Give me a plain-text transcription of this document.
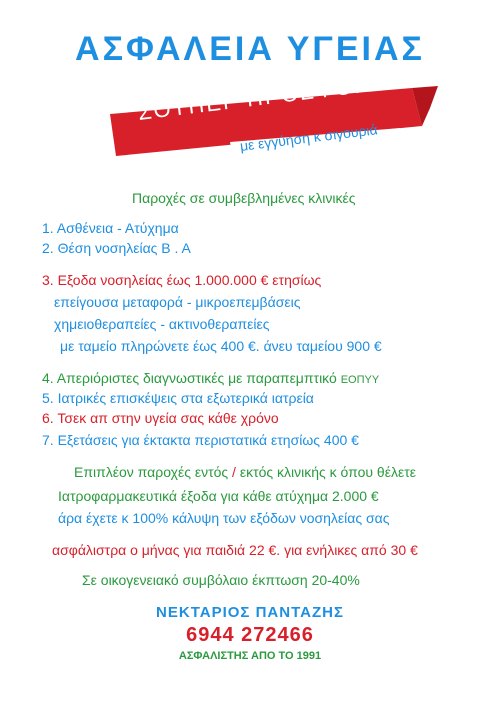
ΑΣΦΑΛΕΙΑ ΥΓΕΙΑΣ
ΣΟΥΠΕΡ ΠΡΟΣΦΟΡΑ
με εγγύηση κ σιγουριά
Παροχές σε συμβεβλημένες κλινικές
1. Ασθένεια - Ατύχημα
2. Θέση νοσηλείας Β . Α
3. Εξοδα νοσηλείας έως 1.000.000 € ετησίως
επείγουσα μεταφορά - μικροεπεμβάσεις
χημειοθεραπείες - ακτινοθεραπείες
με ταμείο πληρώνετε έως 400 €. άνευ ταμείου 900 €
4. Απεριόριστες διαγνωστικές με παραπεμπτικό ΕΟΠΥΥ
5. Ιατρικές επισκέψεις στα εξωτερικά ιατρεία
6. Τσεκ απ στην υγεία σας κάθε χρόνο
7. Εξετάσεις για έκτακτα περιστατικά ετησίως 400 €
Επιπλέον παροχές εντός / εκτός κλινικής κ όπου θέλετε
Ιατροφαρμακευτικά έξοδα για κάθε ατύχημα 2.000 €
άρα έχετε κ 100% κάλυψη των εξόδων νοσηλείας σας
ασφάλιστρα ο μήνας για παιδιά 22 €. για ενήλικες από 30 €
Σε οικογενειακό συμβόλαιο έκπτωση 20-40%
ΝΕΚΤΑΡΙΟΣ ΠΑΝΤΑΖΗΣ
6944 272466
ΑΣΦΑΛΙΣΤΗΣ ΑΠΟ ΤΟ 1991
